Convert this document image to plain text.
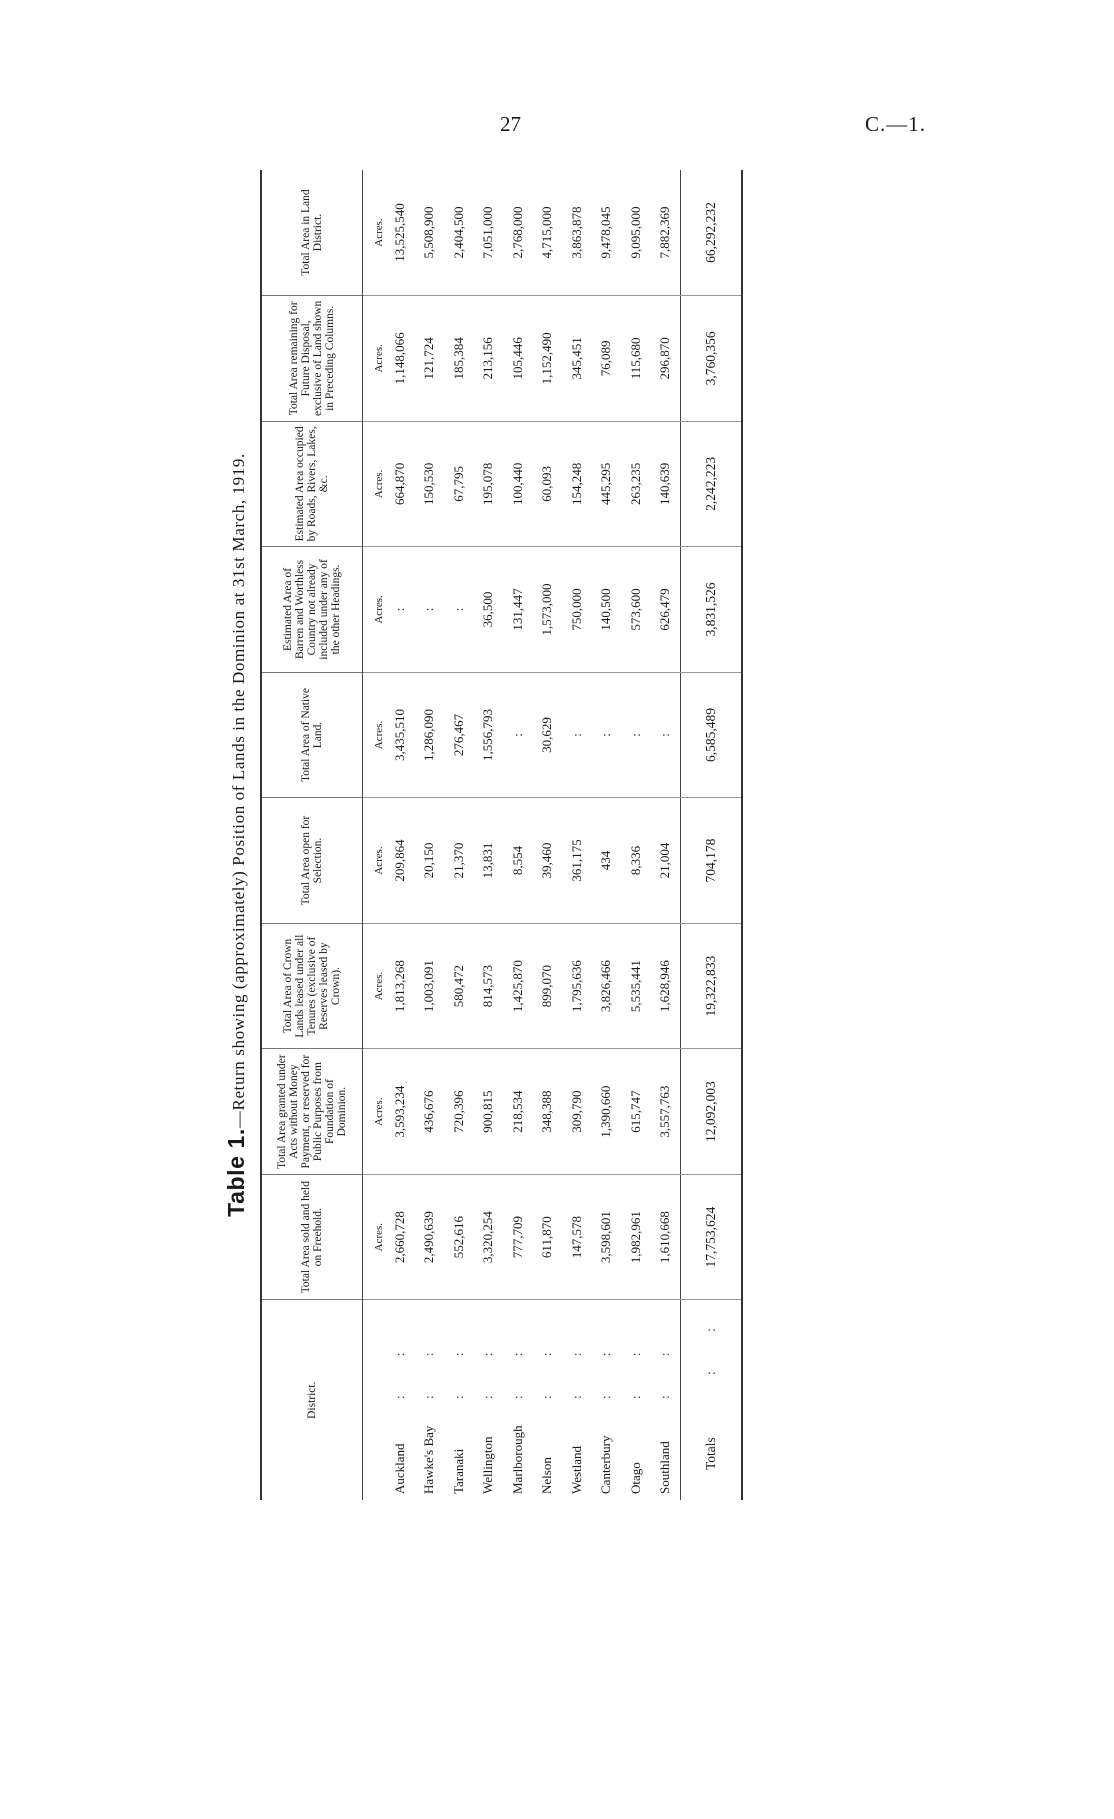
27	C.—1.
Table 1.—Return showing (approximately) Position of Lands in the Dominion at 31st March, 1919.
District.	Total Area sold and held on Freehold.	Total Area granted under Acts without Money Payment, or reserved for Public Purposes from Foundation of Dominion.	Total Area of Crown Lands leased under all Tenures (exclusive of Reserves leased by Crown).	Total Area open for Selection.	Total Area of Native Land.	Estimated Area of Barren and Worthless Country not already included under any of the other Headings.	Estimated Area occupied by Roads, Rivers, Lakes, &c.	Total Area remaining for Future Disposal, exclusive of Land shown in Preceding Columns.	Total Area in Land District.
	Acres.	Acres.	Acres.	Acres.	Acres.	Acres.	Acres.	Acres.	Acres.
Auckland: :	2,660,728	3,593,234	1,813,268	209,864	3,435,510	:	664,870	1,148,066	13,525,540
Hawke's Bay: :	2,490,639	436,676	1,003,091	20,150	1,286,090	:	150,530	121,724	5,508,900
Taranaki: :	552,616	720,396	580,472	21,370	276,467	:	67,795	185,384	2,404,500
Wellington: :	3,320,254	900,815	814,573	13,831	1,556,793	36,500	195,078	213,156	7,051,000
Marlborough: :	777,709	218,534	1,425,870	8,554	:	131,447	100,440	105,446	2,768,000
Nelson: :	611,870	348,388	899,070	39,460	30,629	1,573,000	60,093	1,152,490	4,715,000
Westland: :	147,578	309,790	1,795,636	361,175	:	750,000	154,248	345,451	3,863,878
Canterbury: :	3,598,601	1,390,660	3,826,466	434	:	140,500	445,295	76,089	9,478,045
Otago: :	1,982,961	615,747	5,535,441	8,336	:	573,600	263,235	115,680	9,095,000
Southland: :	1,610,668	3,557,763	1,628,946	21,004	:	626,479	140,639	296,870	7,882,369
Totals: :	17,753,624	12,092,003	19,322,833	704,178	6,585,489	3,831,526	2,242,223	3,760,356	66,292,232
